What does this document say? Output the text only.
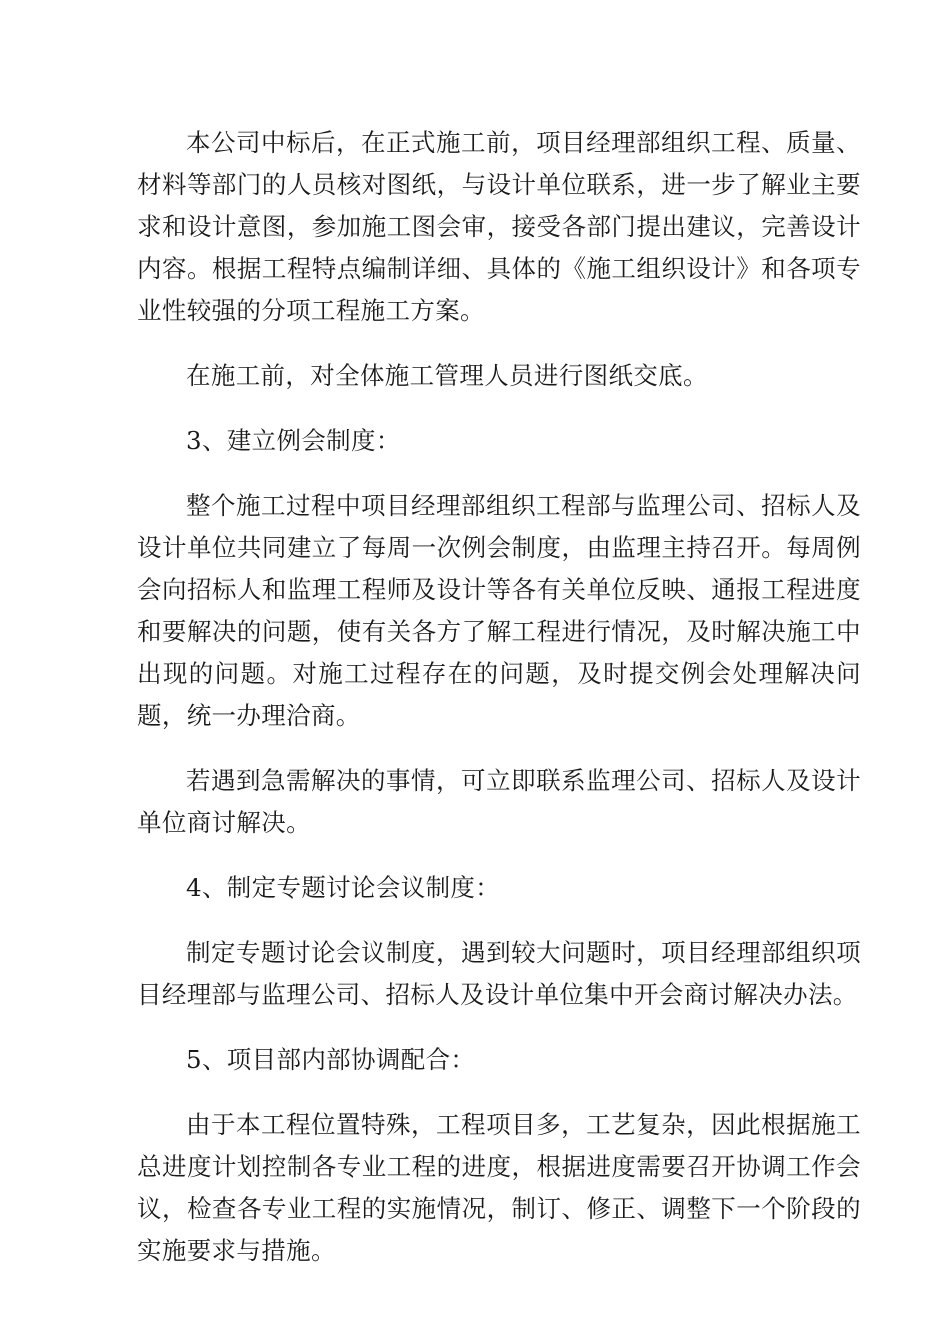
本公司中标后，在正式施工前，项目经理部组织工程、质量、材料等部门的人员核对图纸，与设计单位联系，进一步了解业主要求和设计意图，参加施工图会审，接受各部门提出建议，完善设计内容。根据工程特点编制详细、具体的《施工组织设计》和各项专业性较强的分项工程施工方案。

在施工前，对全体施工管理人员进行图纸交底。

3、建立例会制度：

整个施工过程中项目经理部组织工程部与监理公司、招标人及设计单位共同建立了每周一次例会制度，由监理主持召开。每周例会向招标人和监理工程师及设计等各有关单位反映、通报工程进度和要解决的问题，使有关各方了解工程进行情况，及时解决施工中出现的问题。对施工过程存在的问题，及时提交例会处理解决问题，统一办理洽商。

若遇到急需解决的事情，可立即联系监理公司、招标人及设计单位商讨解决。

4、制定专题讨论会议制度：

制定专题讨论会议制度，遇到较大问题时，项目经理部组织项目经理部与监理公司、招标人及设计单位集中开会商讨解决办法。

5、项目部内部协调配合：

由于本工程位置特殊，工程项目多，工艺复杂，因此根据施工总进度计划控制各专业工程的进度，根据进度需要召开协调工作会议，检查各专业工程的实施情况，制订、修正、调整下一个阶段的实施要求与措施。
